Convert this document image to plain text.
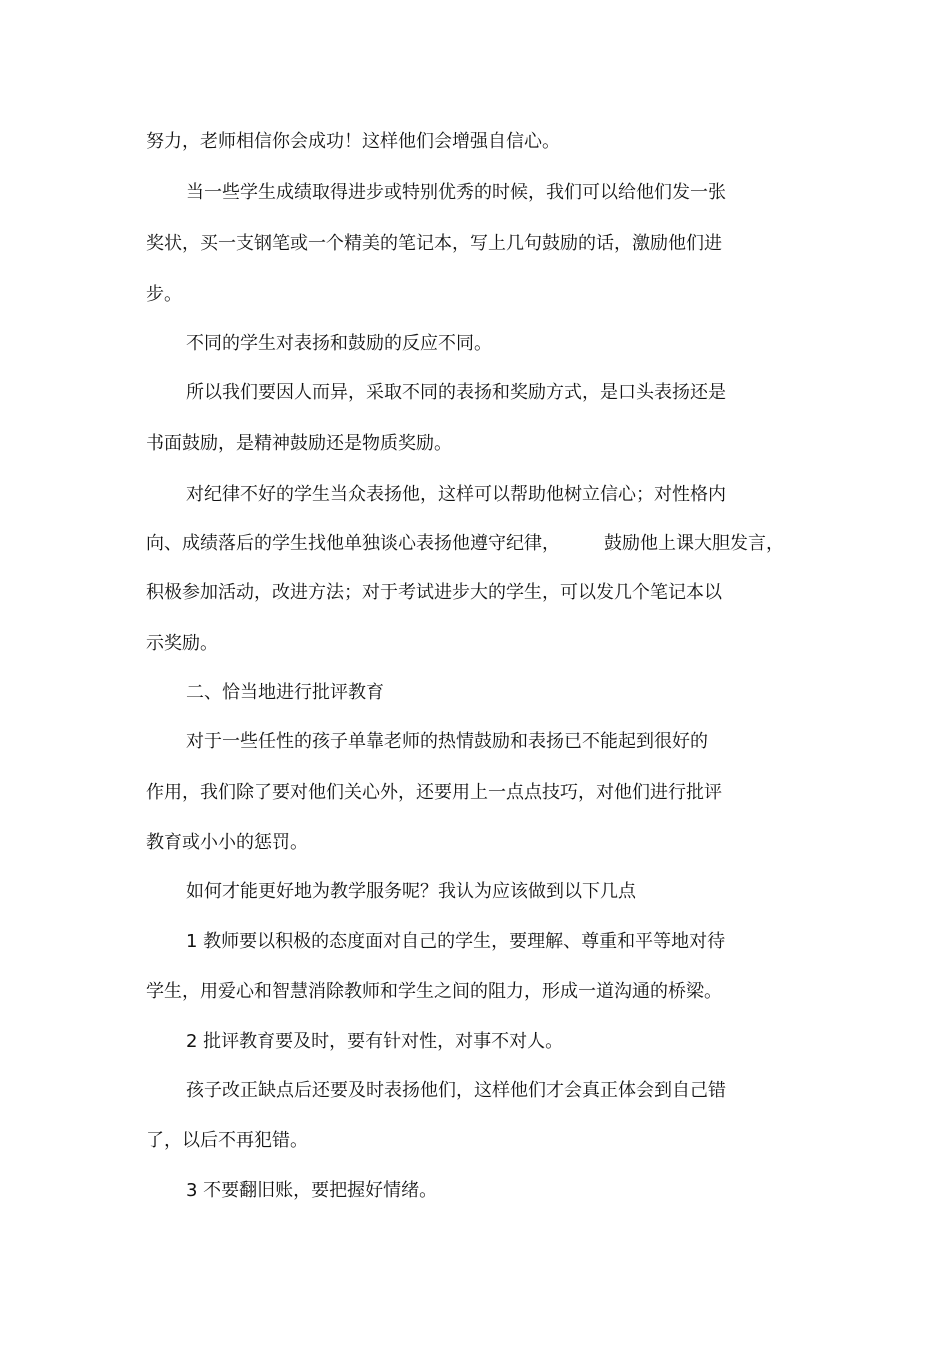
努力，老师相信你会成功！这样他们会增强自信心。
当一些学生成绩取得进步或特别优秀的时候，我们可以给他们发一张
奖状，买一支钢笔或一个精美的笔记本，写上几句鼓励的话，激励他们进
步。
不同的学生对表扬和鼓励的反应不同。
所以我们要因人而异，采取不同的表扬和奖励方式，是口头表扬还是
书面鼓励，是精神鼓励还是物质奖励。
对纪律不好的学生当众表扬他，这样可以帮助他树立信心；对性格内
向、成绩落后的学生找他单独谈心表扬他遵守纪律， 鼓励他上课大胆发言，
积极参加活动，改进方法；对于考试进步大的学生，可以发几个笔记本以
示奖励。
二、恰当地进行批评教育
对于一些任性的孩子单靠老师的热情鼓励和表扬已不能起到很好的
作用，我们除了要对他们关心外，还要用上一点点技巧，对他们进行批评
教育或小小的惩罚。
如何才能更好地为教学服务呢？我认为应该做到以下几点
1 教师要以积极的态度面对自己的学生，要理解、尊重和平等地对待
学生，用爱心和智慧消除教师和学生之间的阻力，形成一道沟通的桥梁。
2 批评教育要及时，要有针对性，对事不对人。
孩子改正缺点后还要及时表扬他们，这样他们才会真正体会到自己错
了，以后不再犯错。
3 不要翻旧账，要把握好情绪。
